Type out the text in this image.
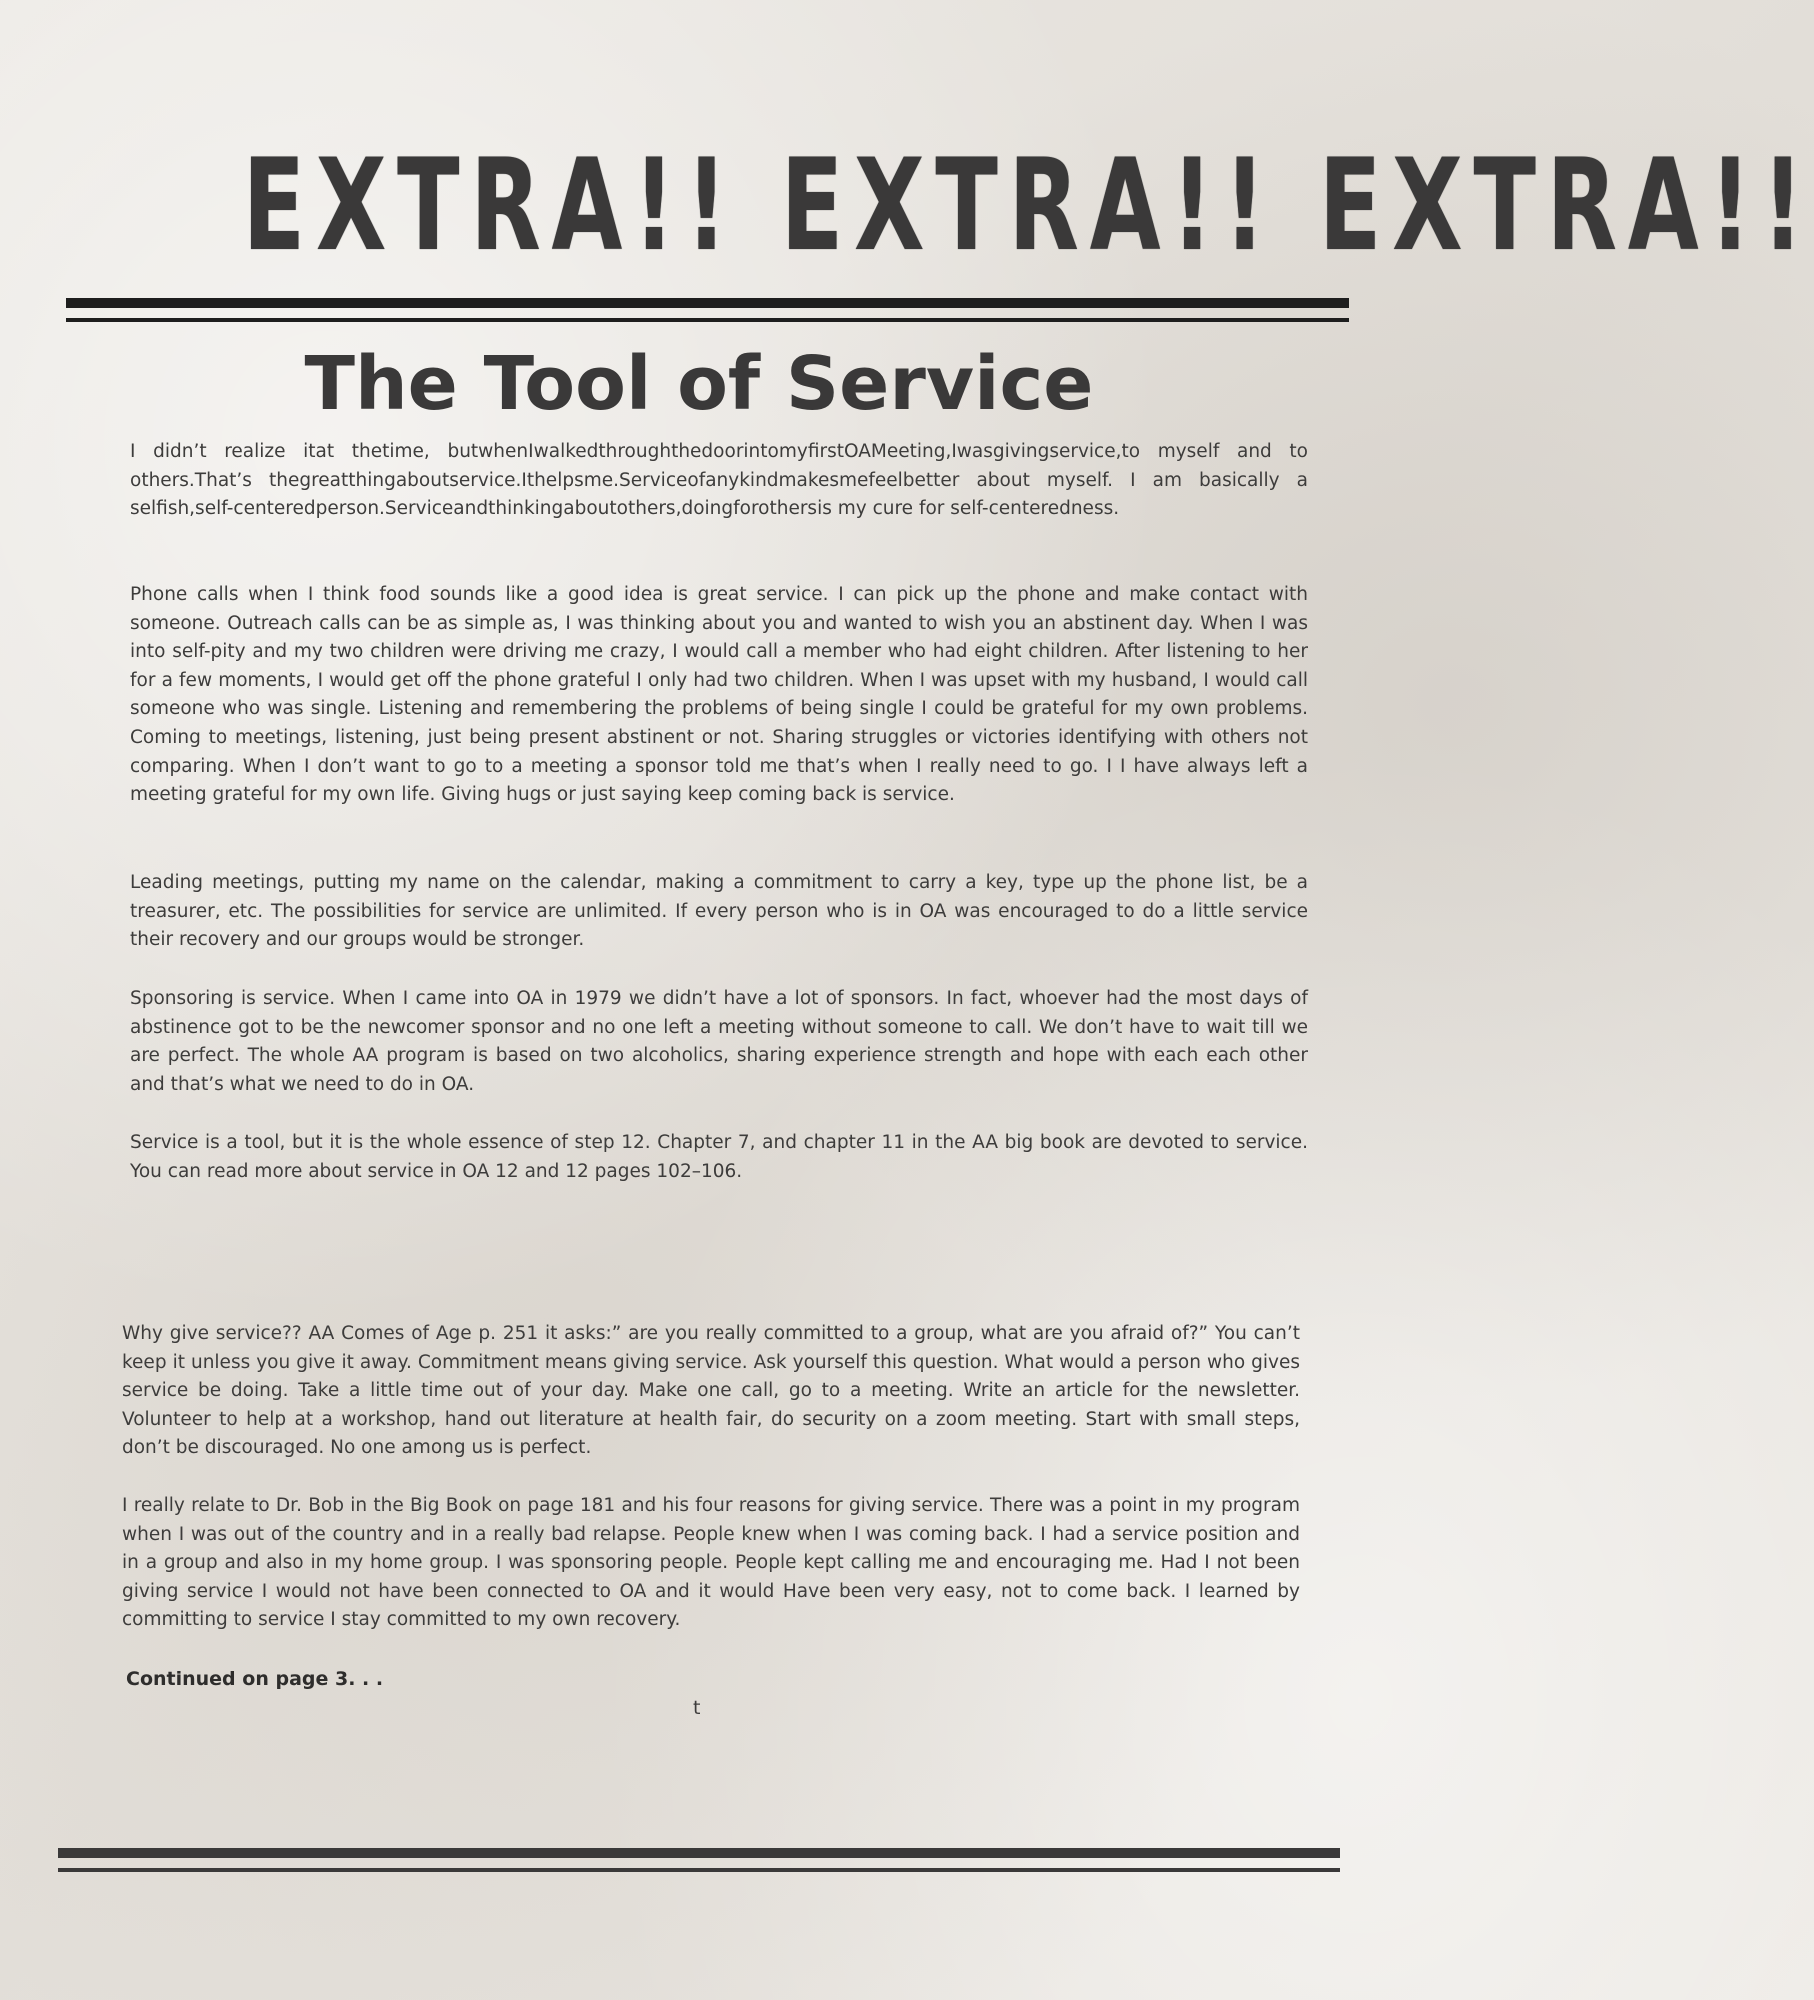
EXTRA!! EXTRA!! EXTRA!!
The Tool of Service

I didn’t realize itat thetime, butwhenIwalkedthroughthedoorintomyfirstOAMeeting,Iwasgivingservice,to myself and to others.That’s thegreatthingaboutservice.Ithelpsme.Serviceofanykindmakesmefeelbetter about myself. I am basically a selfish,self-centeredperson.Serviceandthinkingaboutothers,doingforothersis my cure for self-centeredness.

Phone calls when I think food sounds like a good idea is great service. I can pick up the phone and make contact with someone. Outreach calls can be as simple as, I was thinking about you and wanted to wish you an abstinent day. When I was into self-pity and my two children were driving me crazy, I would call a member who had eight children. After listening to her for a few moments, I would get off the phone grateful I only had two children. When I was upset with my husband, I would call someone who was single. Listening and remembering the problems of being single I could be grateful for my own problems. Coming to meetings, listening, just being present abstinent or not. Sharing struggles or victories identifying with others not comparing. When I don’t want to go to a meeting a sponsor told me that’s when I really need to go. I I have always left a meeting grateful for my own life. Giving hugs or just saying keep coming back is service.

Leading meetings, putting my name on the calendar, making a commitment to carry a key, type up the phone list, be a treasurer, etc. The possibilities for service are unlimited. If every person who is in OA was encouraged to do a little service their recovery and our groups would be stronger.

Sponsoring is service. When I came into OA in 1979 we didn’t have a lot of sponsors. In fact, whoever had the most days of abstinence got to be the newcomer sponsor and no one left a meeting without someone to call. We don’t have to wait till we are perfect. The whole AA program is based on two alcoholics, sharing experience strength and hope with each each other and that’s what we need to do in OA.

Service is a tool, but it is the whole essence of step 12. Chapter 7, and chapter 11 in the AA big book are devoted to service. You can read more about service in OA 12 and 12 pages 102–106.

Why give service?? AA Comes of Age p. 251 it asks:” are you really committed to a group, what are you afraid of?” You can’t keep it unless you give it away. Commitment means giving service. Ask yourself this question. What would a person who gives service be doing. Take a little time out of your day. Make one call, go to a meeting. Write an article for the newsletter. Volunteer to help at a workshop, hand out literature at health fair, do security on a zoom meeting. Start with small steps, don’t be discouraged. No one among us is perfect.

I really relate to Dr. Bob in the Big Book on page 181 and his four reasons for giving service. There was a point in my program when I was out of the country and in a really bad relapse. People knew when I was coming back. I had a service position and in a group and also in my home group. I was sponsoring people. People kept calling me and encouraging me. Had I not been giving service I would not have been connected to OA and it would Have been very easy, not to come back. I learned by committing to service I stay committed to my own recovery.

Continued on page 3. . .
t
